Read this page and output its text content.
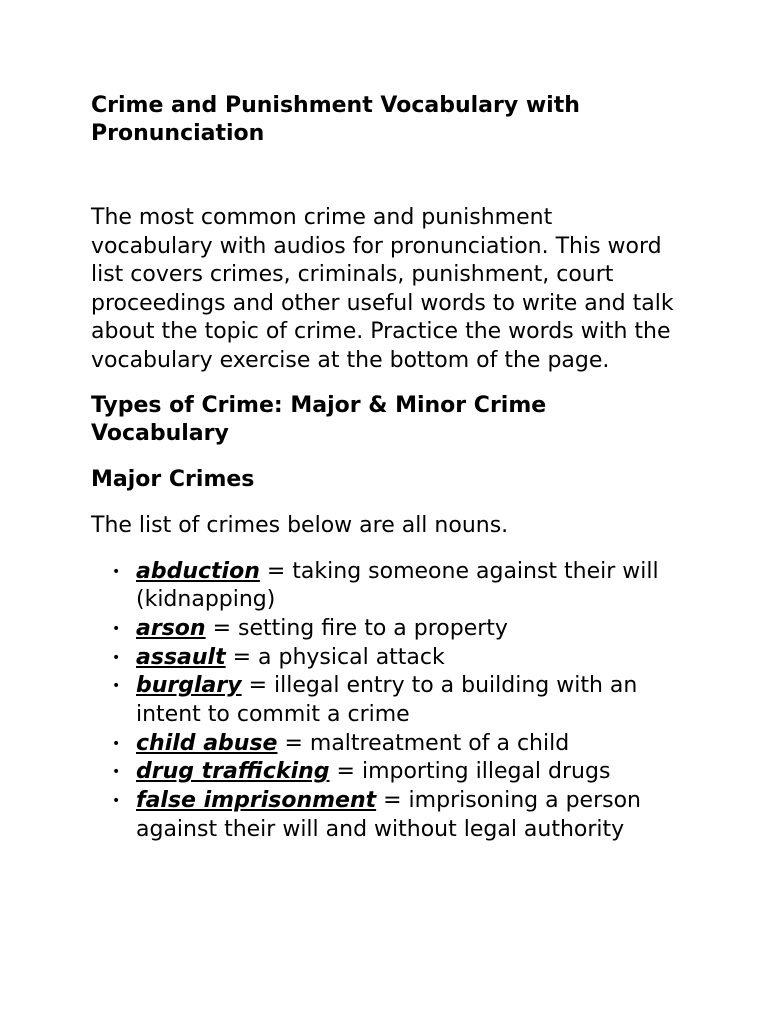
Crime and Punishment Vocabulary with Pronunciation

The most common crime and punishment vocabulary with audios for pronunciation. This word list covers crimes, criminals, punishment, court proceedings and other useful words to write and talk about the topic of crime. Practice the words with the vocabulary exercise at the bottom of the page.

Types of Crime: Major & Minor Crime Vocabulary
Major Crimes

The list of crimes below are all nouns.

• abduction = taking someone against their will (kidnapping)
• arson = setting fire to a property
• assault = a physical attack
• burglary = illegal entry to a building with an intent to commit a crime
• child abuse = maltreatment of a child
• drug trafficking = importing illegal drugs
• false imprisonment = imprisoning a person against their will and without legal authority
